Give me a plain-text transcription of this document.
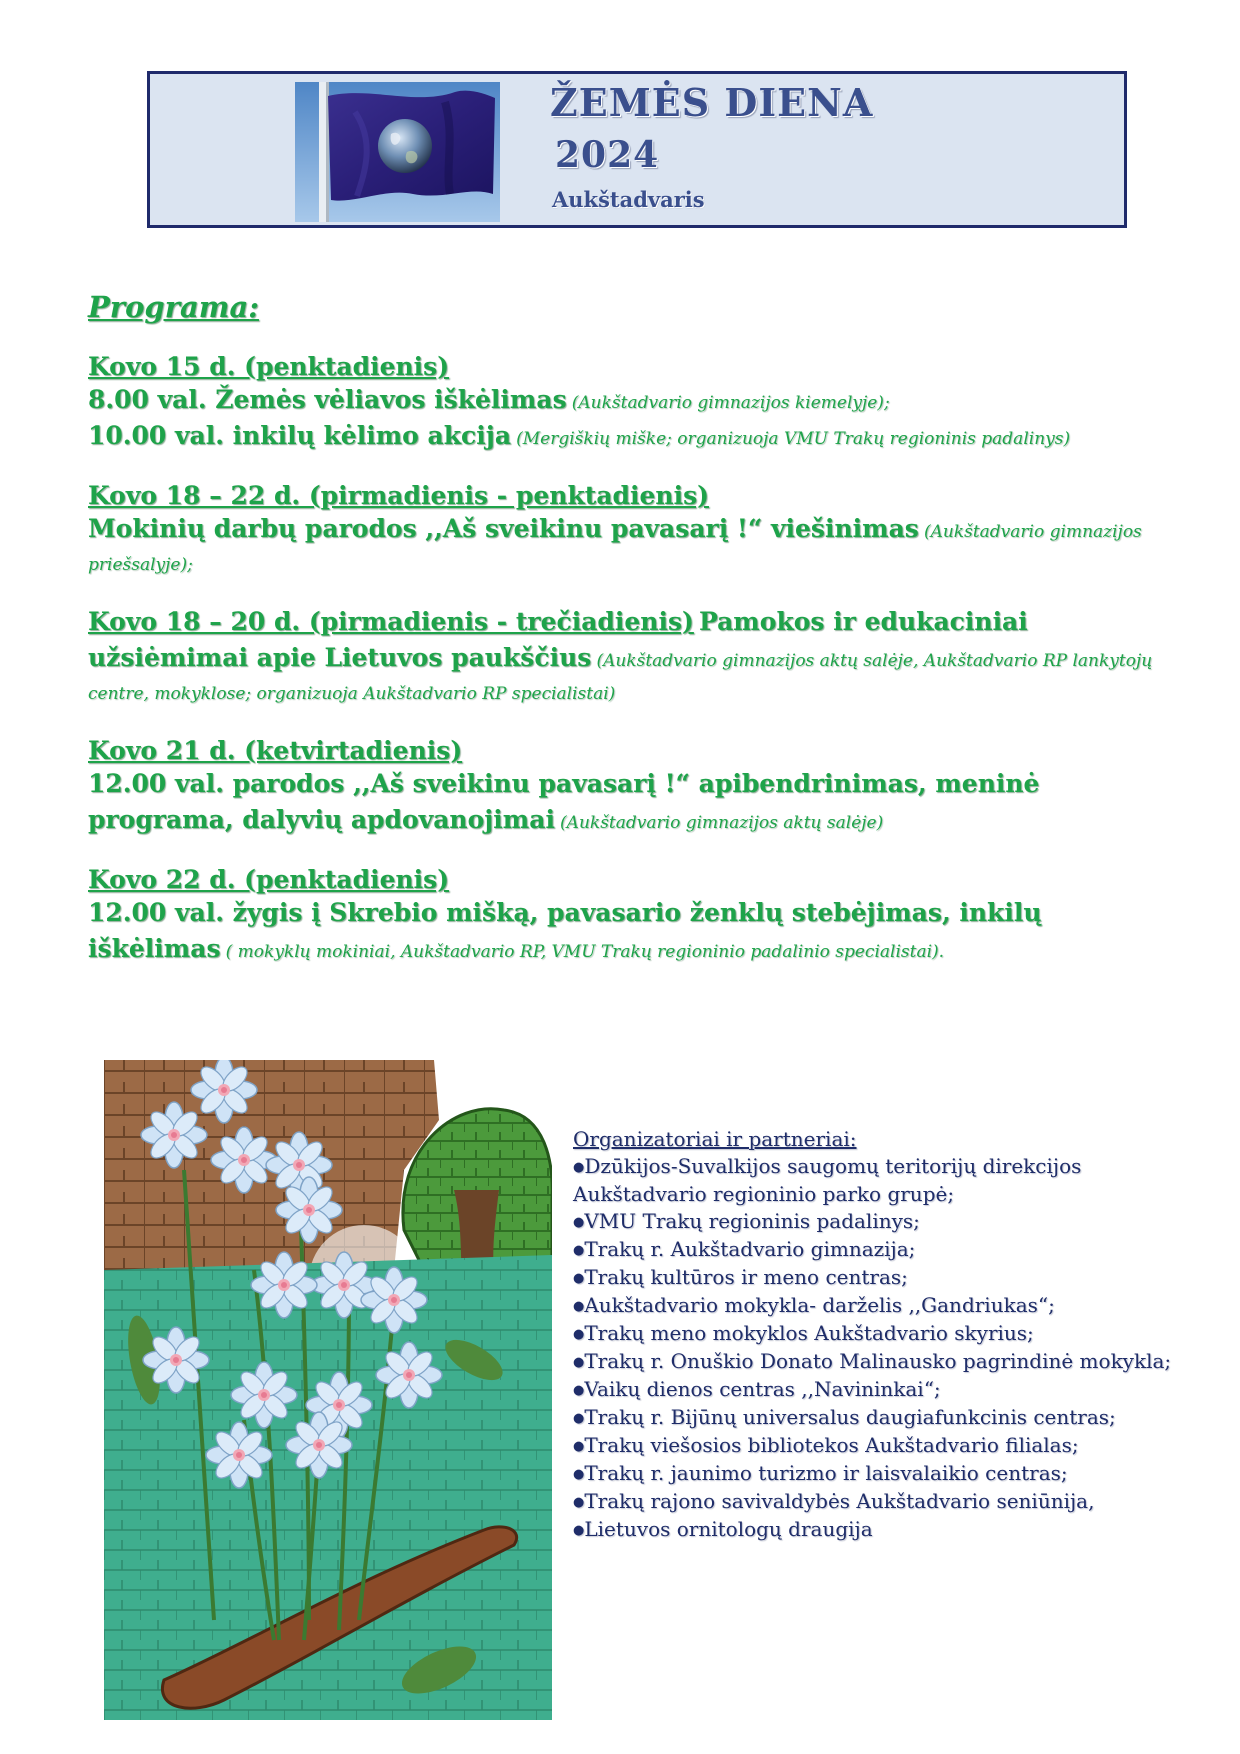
ŽEMĖS DIENA
2024
Aukštadvaris
Programa:
Kovo 15 d. (penktadienis)
8.00 val. Žemės vėliavos iškėlimas (Aukštadvario gimnazijos kiemelyje);
10.00 val. inkilų kėlimo akcija (Mergiškių miške; organizuoja VMU Trakų regioninis padalinys)
Kovo 18 – 22 d. (pirmadienis - penktadienis)
Mokinių darbų parodos ,,Aš sveikinu pavasarį !“ viešinimas (Aukštadvario gimnazijos priešsalyje);
Kovo 18 – 20 d. (pirmadienis - trečiadienis) Pamokos ir edukaciniai užsiėmimai apie Lietuvos paukščius (Aukštadvario gimnazijos aktų salėje, Aukštadvario RP lankytojų centre, mokyklose; organizuoja Aukštadvario RP specialistai)
Kovo 21 d. (ketvirtadienis)
12.00 val. parodos ,,Aš sveikinu pavasarį !“ apibendrinimas, meninė programa, dalyvių apdovanojimai (Aukštadvario gimnazijos aktų salėje)
Kovo 22 d. (penktadienis)
12.00 val. žygis į Skrebio mišką, pavasario ženklų stebėjimas, inkilų iškėlimas ( mokyklų mokiniai, Aukštadvario RP, VMU Trakų regioninio padalinio specialistai).
Organizatoriai ir partneriai:
● Dzūkijos-Suvalkijos saugomų teritorijų direkcijos Aukštadvario regioninio parko grupė;
● VMU Trakų regioninis padalinys;
● Trakų r. Aukštadvario gimnazija;
● Trakų kultūros ir meno centras;
● Aukštadvario mokykla- darželis ,,Gandriukas“;
● Trakų meno mokyklos Aukštadvario skyrius;
● Trakų r. Onuškio Donato Malinausko pagrindinė mokykla;
● Vaikų dienos centras ,,Navininkai“;
● Trakų r. Bijūnų universalus daugiafunkcinis centras;
● Trakų viešosios bibliotekos Aukštadvario filialas;
● Trakų r. jaunimo turizmo ir laisvalaikio centras;
● Trakų rajono savivaldybės Aukštadvario seniūnija,
● Lietuvos ornitologų draugija
